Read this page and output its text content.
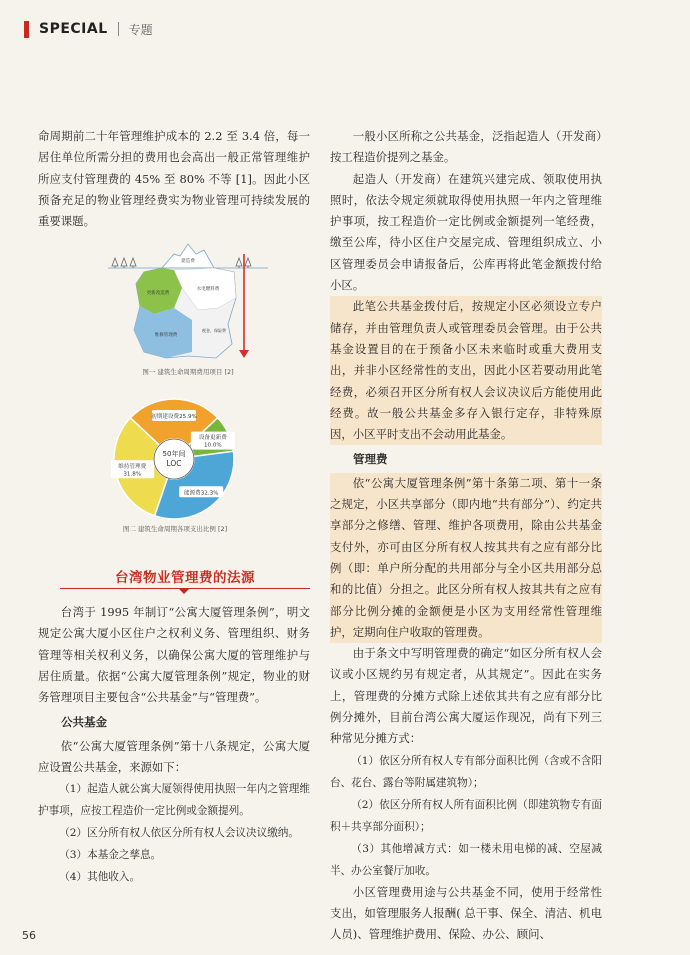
SPECIAL 专题

命周期前二十年管理维护成本的 2.2 至 3.4 倍，每一居住单位所需分担的费用也会高出一般正常管理维护所应支付管理费的 45% 至 80% 不等 [1]。因此小区预备充足的物业管理经费实为物业管理可持续发展的重要课题。

建造费
更新改造费
水电燃料费
维修管理费
税金、保险费
图一 建筑生命周期费用项目 [2]
初期建设费25.9%
设备更新费 10.0%
能源费32.3%
维持管理费 31.8%
50年间
LOC
图二 建筑生命周期各项支出比例 [2]
台湾物业管理费的法源

台湾于 1995 年制订“公寓大厦管理条例”，明文规定公寓大厦小区住户之权利义务、管理组织、财务管理等相关权利义务，以确保公寓大厦的管理维护与居住质量。依据“公寓大厦管理条例”规定，物业的财务管理项目主要包含“公共基金”与“管理费”。

公共基金

依“公寓大厦管理条例”第十八条规定，公寓大厦应设置公共基金，来源如下：

（1）起造人就公寓大厦领得使用执照一年内之管理维护事项，应按工程造价一定比例或金额提列。

（2）区分所有权人依区分所有权人会议决议缴纳。

（3）本基金之孳息。

（4）其他收入。

一般小区所称之公共基金，泛指起造人（开发商）按工程造价提列之基金。

起造人（开发商）在建筑兴建完成、领取使用执照时，依法令规定须就取得使用执照一年内之管理维护事项，按工程造价一定比例或金额提列一笔经费，缴至公库，待小区住户交屋完成、管理组织成立、小区管理委员会申请报备后，公库再将此笔金额拨付给小区。

此笔公共基金拨付后，按规定小区必须设立专户储存，并由管理负责人或管理委员会管理。由于公共基金设置目的在于预备小区未来临时或重大费用支出，并非小区经常性的支出，因此小区若要动用此笔经费，必须召开区分所有权人会议决议后方能使用此经费。故一般公共基金多存入银行定存，非特殊原因，小区平时支出不会动用此基金。

管理费

依“公寓大厦管理条例”第十条第二项、第十一条之规定，小区共享部分（即内地“共有部分”）、约定共享部分之修缮、管理、维护各项费用，除由公共基金支付外，亦可由区分所有权人按其共有之应有部分比例（即：单户所分配的共用部分与全小区共用部分总和的比值）分担之。此区分所有权人按其共有之应有部分比例分摊的金额便是小区为支用经常性管理维护，定期向住户收取的管理费。

由于条文中写明管理费的确定“如区分所有权人会议或小区规约另有规定者，从其规定”。因此在实务上，管理费的分摊方式除上述依其共有之应有部分比例分摊外，目前台湾公寓大厦运作现况，尚有下列三种常见分摊方式：

（1）依区分所有权人专有部分面积比例（含或不含阳台、花台、露台等附属建筑物）；

（2）依区分所有权人所有面积比例（即建筑物专有面积＋共享部分面积）；

（3）其他增减方式：如一楼未用电梯的减、空屋减半、办公室餐厅加收。

小区管理费用途与公共基金不同，使用于经常性支出，如管理服务人报酬( 总干事、保全、清洁、机电人员)、管理维护费用、保险、办公、顾问、

56
